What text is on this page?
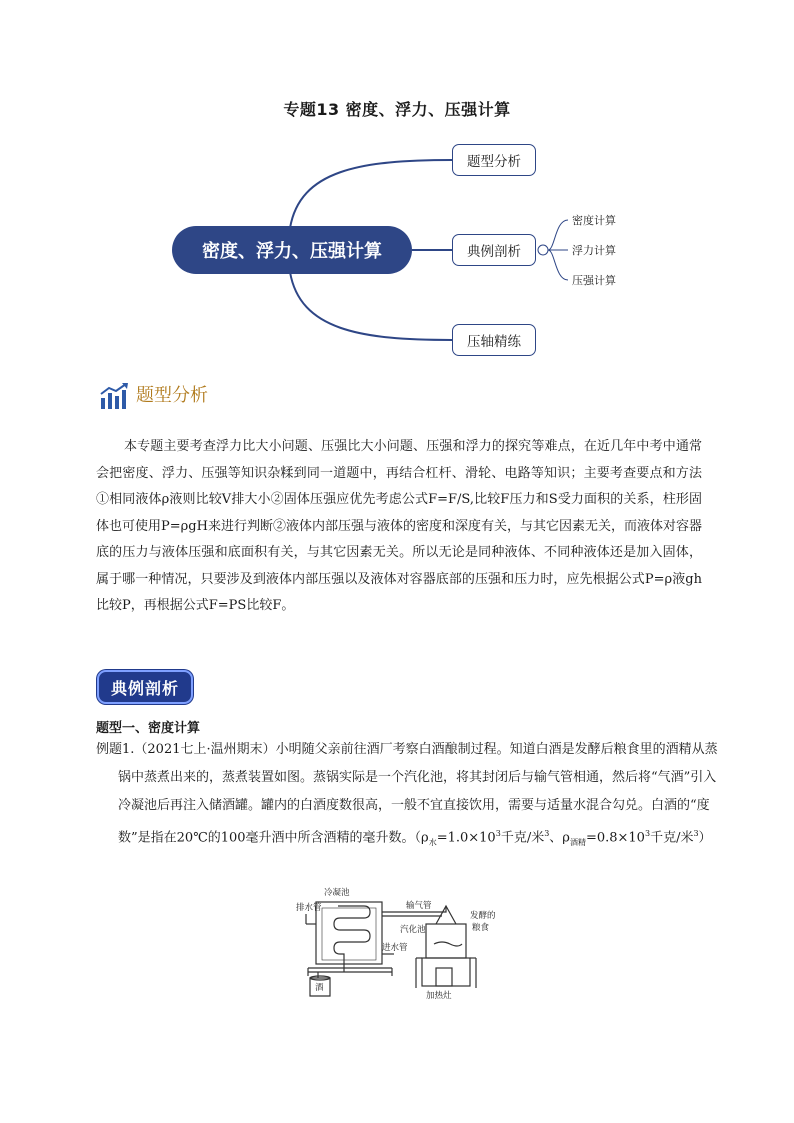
专题13 密度、浮力、压强计算
密度、浮力、压强计算
题型分析
典例剖析
压轴精练
密度计算
浮力计算
压强计算
题型分析

本专题主要考查浮力比大小问题、压强比大小问题、压强和浮力的探究等难点，在近几年中考中通常会把密度、浮力、压强等知识杂糅到同一道题中，再结合杠杆、滑轮、电路等知识；主要考查要点和方法①相同液体ρ液则比较V排大小②固体压强应优先考虑公式F=F/S,比较F压力和S受力面积的关系，柱形固体也可使用P=ρgH来进行判断②液体内部压强与液体的密度和深度有关，与其它因素无关，而液体对容器底的压力与液体压强和底面积有关，与其它因素无关。所以无论是同种液体、不同种液体还是加入固体，属于哪一种情况，只要涉及到液体内部压强以及液体对容器底部的压强和压力时，应先根据公式P=ρ液gh比较P，再根据公式F=PS比较F。

典例剖析
题型一、密度计算

例题1.（2021七上·温州期末）小明随父亲前往酒厂考察白酒酿制过程。知道白酒是发酵后粮食里的酒精从蒸锅中蒸煮出来的，蒸煮装置如图。蒸锅实际是一个汽化池，将其封闭后与输气管相通，然后将“气酒”引入冷凝池后再注入储酒罐。罐内的白酒度数很高，一般不宜直接饮用，需要与适量水混合勾兑。白酒的“度数”是指在20℃的100毫升酒中所含酒精的毫升数。（$\rho_水=1.0\times 10^3$千克/米$^3$、$\rho_{酒精}=0.8\times 10^3$千克/米$^3$）

冷凝池
排水管
进水管
输气管
汽化池
发酵的
粮食
加热灶
酒
